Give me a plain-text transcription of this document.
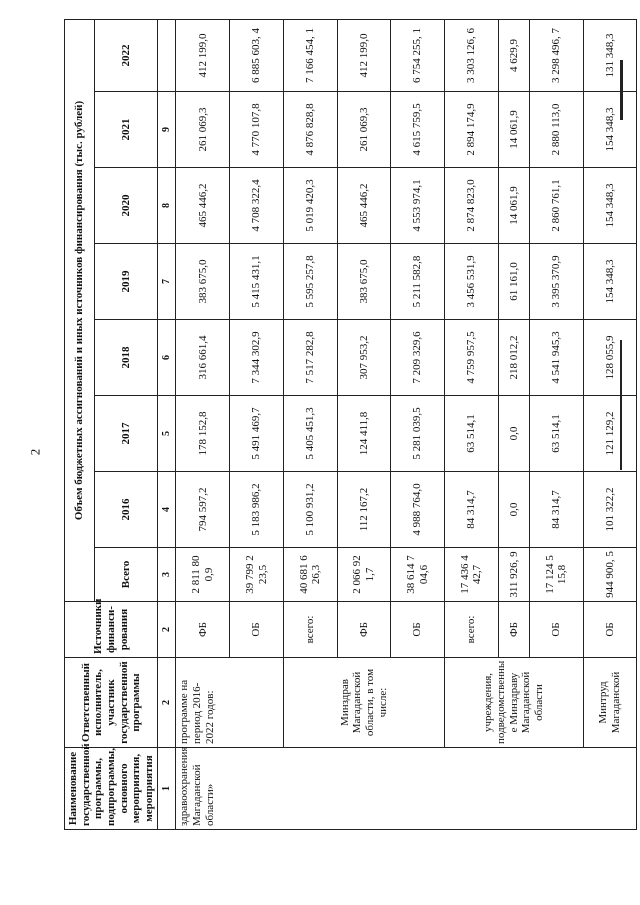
2
Наименование государственной программы, подпрограммы, основного мероприятия, мероприятия	Ответственный исполнитель, участник государственной программы	Источники финанси-рования	Объем бюджетных ассигнований и иных источников финансирования (тыс. рублей)							
			Всего	2016	2017	2018	2019	2020	2021	2022
1	2	2	3	4	5	6	7	8	9	
здравоохранения Магаданской области»	программе на период 2016-2022 годов:	ФБ	2 811 80 0,9	794 597,2	178 152,8	316 661,4	383 675,0	465 446,2	261 069,3	412 199,0
		ОБ	39 799 2 23,5	5 183 986,2	5 491 469,7	7 344 302,9	5 415 431,1	4 708 322,4	4 770 107,8	6 885 603, 4
	Минздрав Магаданской области, в том числе:	всего:	40 681 6 26,3	5 100 931,2	5 405 451,3	7 517 282,8	5 595 257,8	5 019 420,3	4 876 828,8	7 166 454, 1
		ФБ	2 066 92 1,7	112 167,2	124 411,8	307 953,2	383 675,0	465 446,2	261 069,3	412 199,0
		ОБ	38 614 7 04,6	4 988 764,0	5 281 039,5	7 209 329,6	5 211 582,8	4 553 974,1	4 615 759,5	6 754 255, 1
	учреждения, подведомственны е Минздраву Магаданской области	всего:	17 436 4 42,7	84 314,7	63 514,1	4 759 957,5	3 456 531,9	2 874 823,0	2 894 174,9	3 303 126, 6
		ФБ	311 926, 9	0,0	0,0	218 012,2	61 161,0	14 061,9	14 061,9	4 629,9
		ОБ	17 124 5 15,8	84 314,7	63 514,1	4 541 945,3	3 395 370,9	2 860 761,1	2 880 113,0	3 298 496, 7
	Минтруд Магаданской	ОБ	944 900, 5	101 322,2	121 129,2	128 055,9	154 348,3	154 348,3	154 348,3	131 348,3
